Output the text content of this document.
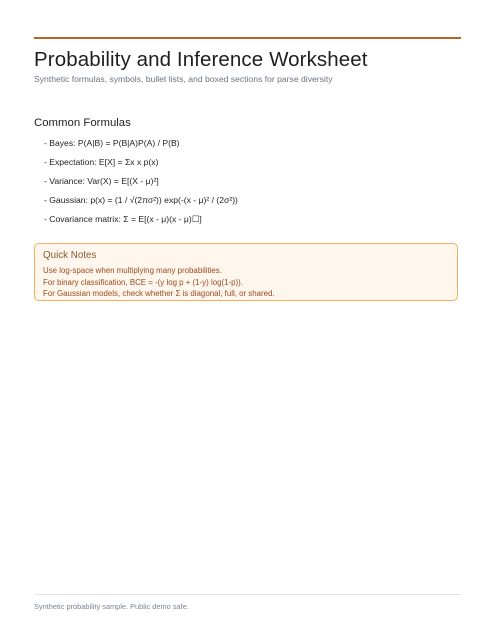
Probability and Inference Worksheet
Synthetic formulas, symbols, bullet lists, and boxed sections for parse diversity
Common Formulas
- Bayes: P(A|B) = P(B|A)P(A) / P(B)
- Expectation: E[X] = Σx x p(x)
- Variance: Var(X) = E[(X - μ)²]
- Gaussian: p(x) = (1 / √(2πσ²)) exp(-(x - μ)² / (2σ²))
- Covariance matrix: Σ = E[(x - μ)(x - μ)☐]
Quick Notes
Use log-space when multiplying many probabilities.
For binary classification, BCE = -(y log p + (1-y) log(1-p)).
For Gaussian models, check whether Σ is diagonal, full, or shared.
Synthetic probability sample. Public demo safe.
